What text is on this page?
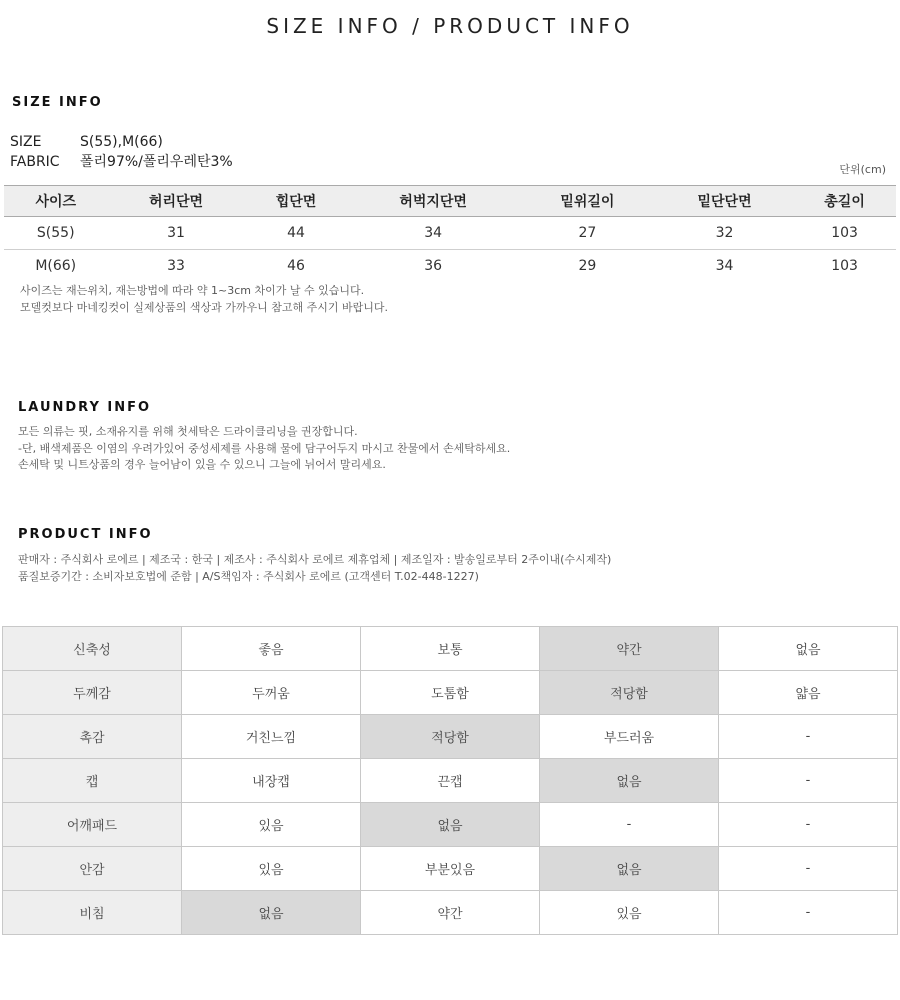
SIZE INFO / PRODUCT INFO
SIZE INFO
SIZE	S(55),M(66)
FABRIC 폴리97%/폴리우레탄3%	단위(cm)
사이즈	허리단면	힙단면	허벅지단면	밑위길이	밑단단면	총길이
S(55)	31	44	34	27	32	103
M(66)	33	46	36	29	34	103
사이즈는 재는위치, 재는방법에 따라 약 1~3cm 차이가 날 수 있습니다.
모델컷보다 마네킹컷이 실제상품의 색상과 가까우니 참고해 주시기 바랍니다.
LAUNDRY INFO
모든 의류는 핏, 소재유지를 위해 첫세탁은 드라이클리닝을 권장합니다.
-단, 배색제품은 이염의 우려가있어 중성세제를 사용해 물에 담구어두지 마시고 찬물에서 손세탁하세요.
손세탁 및 니트상품의 경우 늘어남이 있을 수 있으니 그늘에 뉘어서 말리세요.
PRODUCT INFO
판매자 : 주식회사 로에르 | 제조국 : 한국 | 제조사 : 주식회사 로에르 제휴업체 | 제조일자 : 발송일로부터 2주이내(수시제작)
품질보증기간 : 소비자보호법에 준함 | A/S책임자 : 주식회사 로에르 (고객센터 T.02-448-1227)
신축성	좋음	보통	약간	없음
두께감	두꺼움	도톰함	적당함	얇음
촉감	거친느낌	적당함	부드러움	-
캡	내장캡	끈캡	없음	-
어깨패드	있음	없음	-	-
안감	있음	부분있음	없음	-
비침	없음	약간	있음	-
